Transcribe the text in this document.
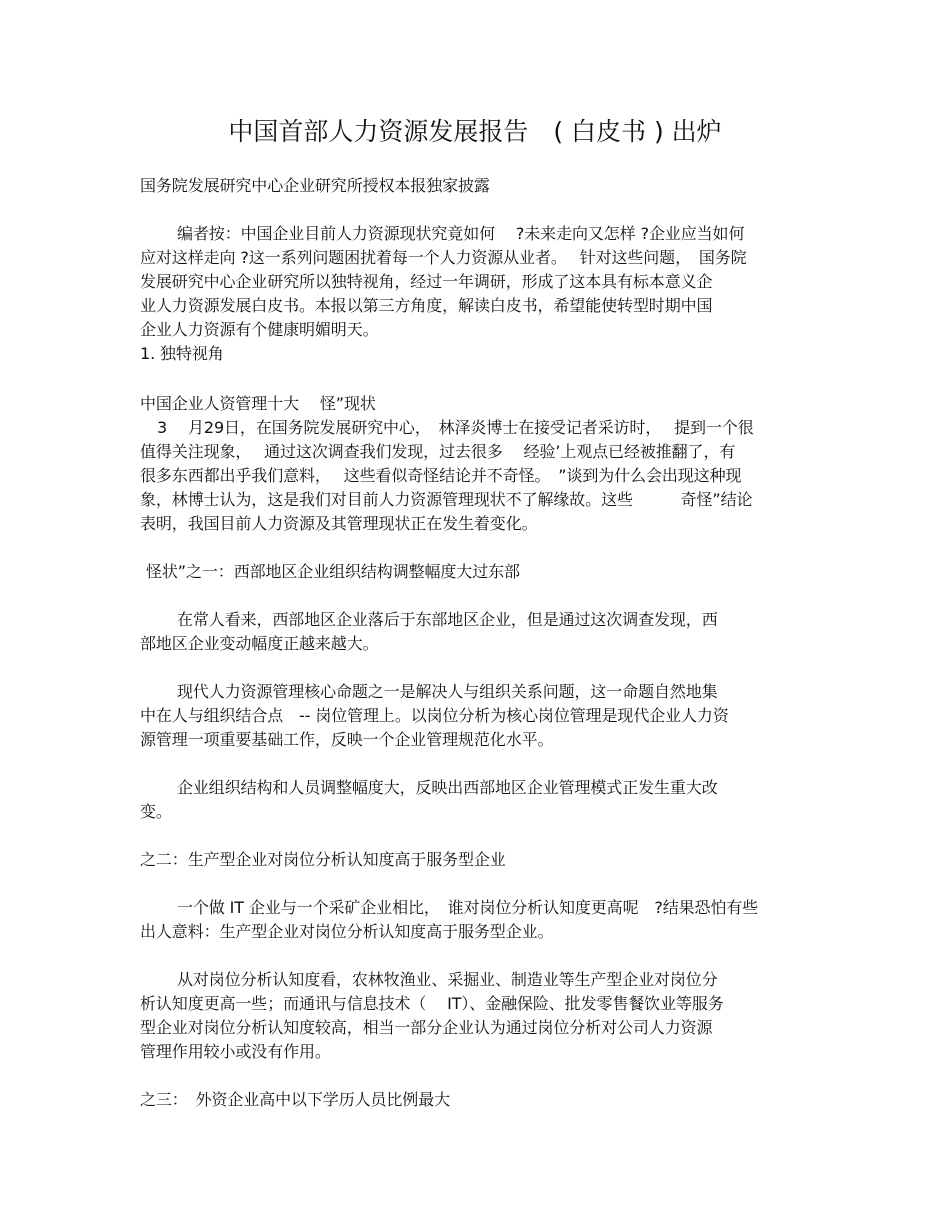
中国首部人力资源发展报告　( 白皮书 ) 出炉
国务院发展研究中心企业研究所授权本报独家披露
编者按：中国企业目前人力资源现状究竟如何　 ?未来走向又怎样 ?企业应当如何
应对这样走向 ?这一系列问题困扰着每一个人力资源从业者。　 针对这些问题，　国务院
发展研究中心企业研究所以独特视角，经过一年调研，形成了这本具有标本意义企
业人力资源发展白皮书。本报以第三方角度，解读白皮书，希望能使转型时期中国
企业人力资源有个健康明媚明天。
1. 独特视角
中国企业人资管理十大　 怪”现状
3　 月29日，在国务院发展研究中心，　林泽炎博士在接受记者采访时，　 提到一个很
值得关注现象，　 通过这次调查我们发现，过去很多　 经验’上观点已经被推翻了，有
很多东西都出乎我们意料，　 这些看似奇怪结论并不奇怪。　”谈到为什么会出现这种现
象，林博士认为，这是我们对目前人力资源管理现状不了解缘故。这些　　　奇怪”结论
表明，我国目前人力资源及其管理现状正在发生着变化。
怪状”之一：西部地区企业组织结构调整幅度大过东部
在常人看来，西部地区企业落后于东部地区企业，但是通过这次调查发现，西
部地区企业变动幅度正越来越大。
现代人力资源管理核心命题之一是解决人与组织关系问题，这一命题自然地集
中在人与组织结合点　-- 岗位管理上。以岗位分析为核心岗位管理是现代企业人力资
源管理一项重要基础工作，反映一个企业管理规范化水平。
企业组织结构和人员调整幅度大，反映出西部地区企业管理模式正发生重大改
变。
之二：生产型企业对岗位分析认知度高于服务型企业
一个做 IT 企业与一个采矿企业相比，　谁对岗位分析认知度更高呢　?结果恐怕有些
出人意料：生产型企业对岗位分析认知度高于服务型企业。
从对岗位分析认知度看，农林牧渔业、采掘业、制造业等生产型企业对岗位分
析认知度更高一些；而通讯与信息技术（　 IT）、金融保险、批发零售餐饮业等服务
型企业对岗位分析认知度较高，相当一部分企业认为通过岗位分析对公司人力资源
管理作用较小或没有作用。
之三：　外资企业高中以下学历人员比例最大
